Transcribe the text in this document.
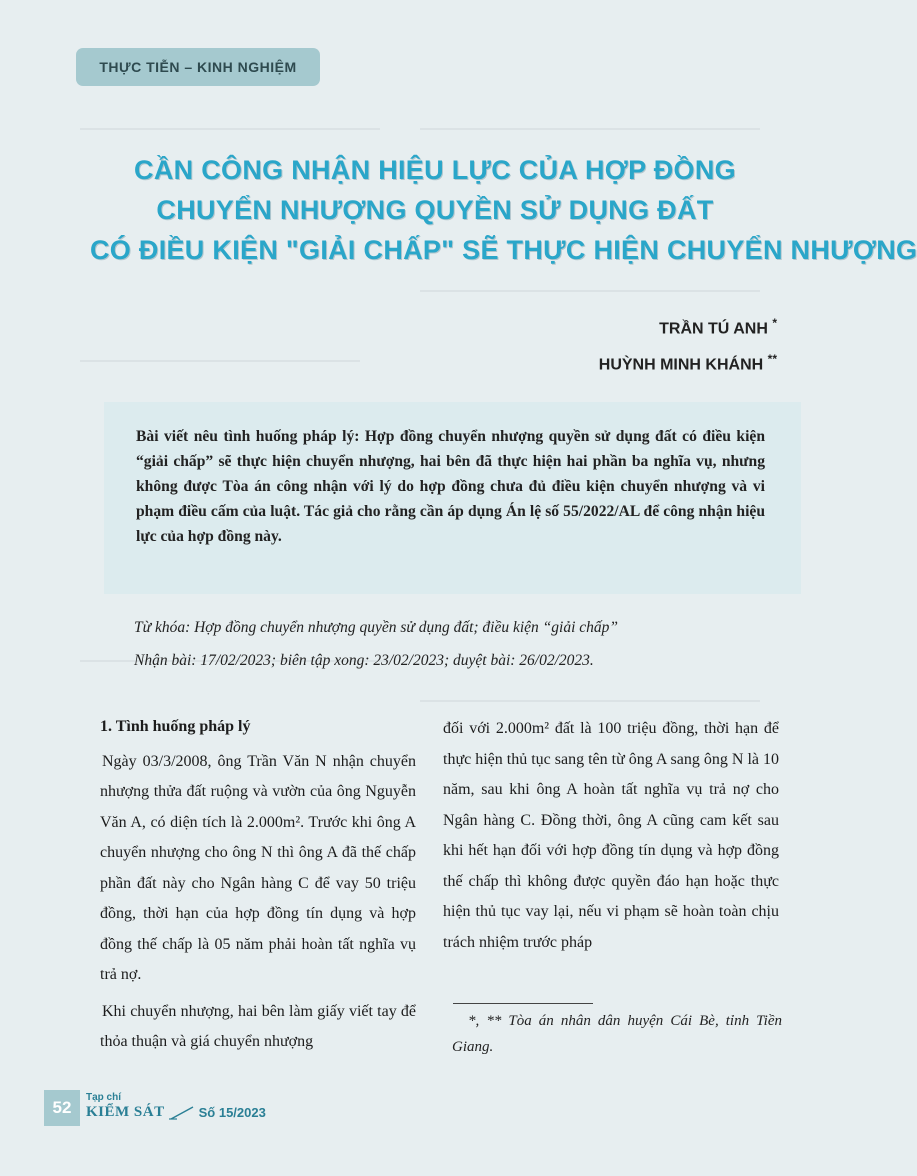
THỰC TIỄN – KINH NGHIỆM
CẦN CÔNG NHẬN HIỆU LỰC CỦA HỢP ĐỒNG
CHUYỂN NHƯỢNG QUYỀN SỬ DỤNG ĐẤT
CÓ ĐIỀU KIỆN "GIẢI CHẤP" SẼ THỰC HIỆN CHUYỂN NHƯỢNG
TRẦN TÚ ANH *
HUỲNH MINH KHÁNH **

Bài viết nêu tình huống pháp lý: Hợp đồng chuyển nhượng quyền sử dụng đất có điều kiện “giải chấp” sẽ thực hiện chuyển nhượng, hai bên đã thực hiện hai phần ba nghĩa vụ, nhưng không được Tòa án công nhận với lý do hợp đồng chưa đủ điều kiện chuyển nhượng và vi phạm điều cấm của luật. Tác giả cho rằng cần áp dụng Án lệ số 55/2022/AL để công nhận hiệu lực của hợp đồng này.

Từ khóa: Hợp đồng chuyển nhượng quyền sử dụng đất; điều kiện “giải chấp”
Nhận bài: 17/02/2023; biên tập xong: 23/02/2023; duyệt bài: 26/02/2023.
1. Tình huống pháp lý

Ngày 03/3/2008, ông Trần Văn N nhận chuyển nhượng thửa đất ruộng và vườn của ông Nguyễn Văn A, có diện tích là 2.000m². Trước khi ông A chuyển nhượng cho ông N thì ông A đã thế chấp phần đất này cho Ngân hàng C để vay 50 triệu đồng, thời hạn của hợp đồng tín dụng và hợp đồng thế chấp là 05 năm phải hoàn tất nghĩa vụ trả nợ.

Khi chuyển nhượng, hai bên làm giấy viết tay để thỏa thuận và giá chuyển nhượng

đối với 2.000m² đất là 100 triệu đồng, thời hạn để thực hiện thủ tục sang tên từ ông A sang ông N là 10 năm, sau khi ông A hoàn tất nghĩa vụ trả nợ cho Ngân hàng C. Đồng thời, ông A cũng cam kết sau khi hết hạn đối với hợp đồng tín dụng và hợp đồng thế chấp thì không được quyền đáo hạn hoặc thực hiện thủ tục vay lại, nếu vi phạm sẽ hoàn toàn chịu trách nhiệm trước pháp

*, ** Tòa án nhân dân huyện Cái Bè, tỉnh Tiền Giang.
52
Tạp chí
KIỂM SÁT	Số 15/2023
